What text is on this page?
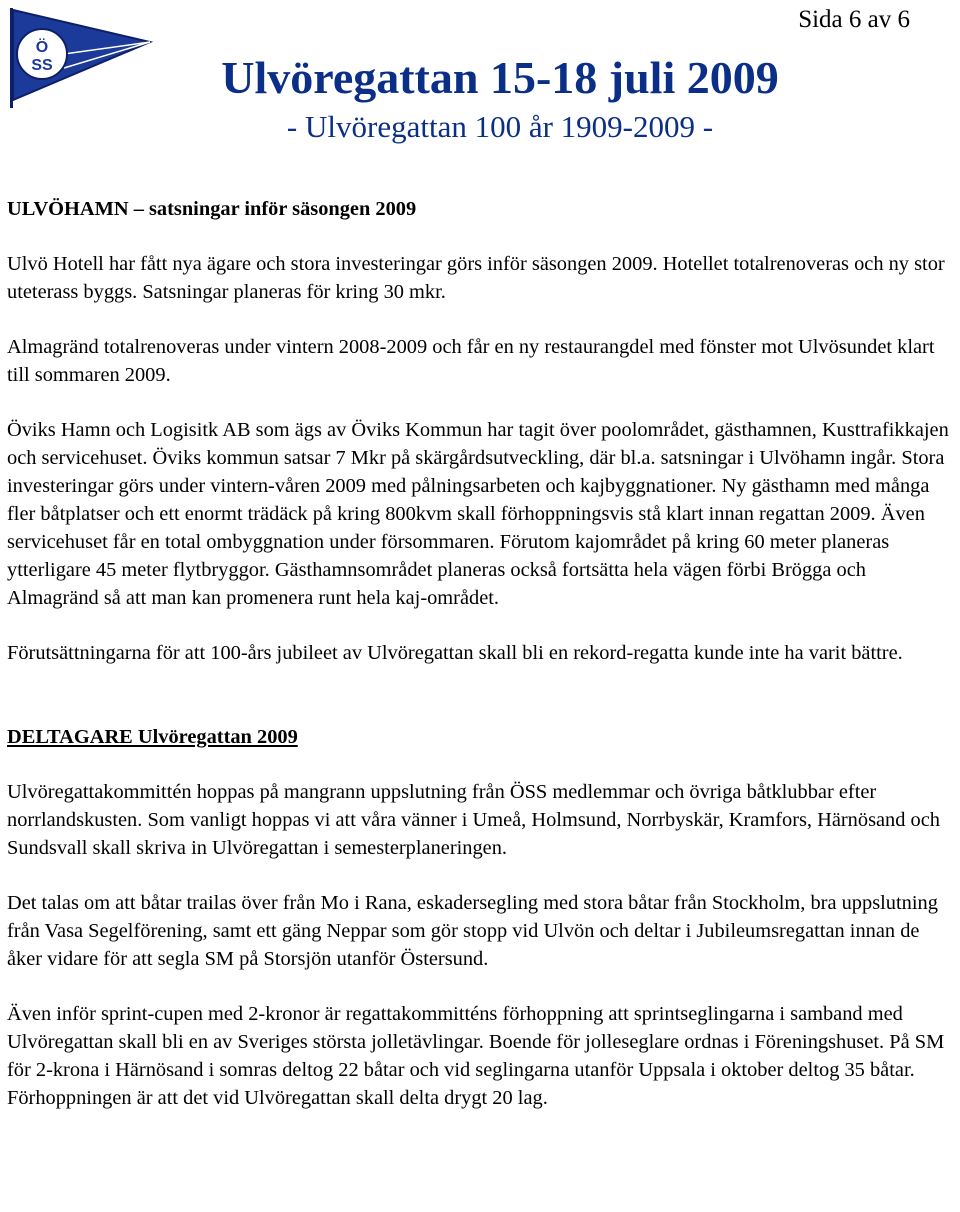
Ö
SS
Sida 6 av 6
Ulvöregattan 15-18 juli 2009
- Ulvöregattan 100 år 1909-2009 -
ULVÖHAMN – satsningar inför säsongen 2009

Ulvö Hotell har fått nya ägare och stora investeringar görs inför säsongen 2009. Hotellet totalrenoveras och ny stor uteterass byggs. Satsningar planeras för kring 30 mkr.

Almagränd totalrenoveras under vintern 2008-2009 och får en ny restaurangdel med fönster mot Ulvösundet klart till sommaren 2009.

Öviks Hamn och Logisitk AB som ägs av Öviks Kommun har tagit över poolområdet, gästhamnen, Kusttrafikkajen och servicehuset. Öviks kommun satsar 7 Mkr på skärgårdsutveckling, där bl.a. satsningar i Ulvöhamn ingår. Stora investeringar görs under vintern-våren 2009 med pålningsarbeten och kajbyggnationer. Ny gästhamn med många fler båtplatser och ett enormt trädäck på kring 800kvm skall förhoppningsvis stå klart innan regattan 2009. Även servicehuset får en total ombyggnation under försommaren. Förutom kajområdet på kring 60 meter planeras ytterligare 45 meter flytbryggor. Gästhamnsområdet planeras också fortsätta hela vägen förbi Brögga och Almagränd så att man kan promenera runt hela kaj-området.

Förutsättningarna för att 100-års jubileet av Ulvöregattan skall bli en rekord-regatta kunde inte ha varit bättre.

DELTAGARE Ulvöregattan 2009

Ulvöregattakommittén hoppas på mangrann uppslutning från ÖSS medlemmar och övriga båtklubbar efter norrlandskusten. Som vanligt hoppas vi att våra vänner i Umeå, Holmsund, Norrbyskär, Kramfors, Härnösand och Sundsvall skall skriva in Ulvöregattan i semesterplaneringen.

Det talas om att båtar trailas över från Mo i Rana, eskadersegling med stora båtar från Stockholm, bra uppslutning från Vasa Segelförening, samt ett gäng Neppar som gör stopp vid Ulvön och deltar i Jubileumsregattan innan de åker vidare för att segla SM på Storsjön utanför Östersund.

Även inför sprint-cupen med 2-kronor är regattakommitténs förhoppning att sprintseglingarna i samband med Ulvöregattan skall bli en av Sveriges största jolletävlingar. Boende för jolleseglare ordnas i Föreningshuset. På SM för 2-krona i Härnösand i somras deltog 22 båtar och vid seglingarna utanför Uppsala i oktober deltog 35 båtar. Förhoppningen är att det vid Ulvöregattan skall delta drygt 20 lag.
